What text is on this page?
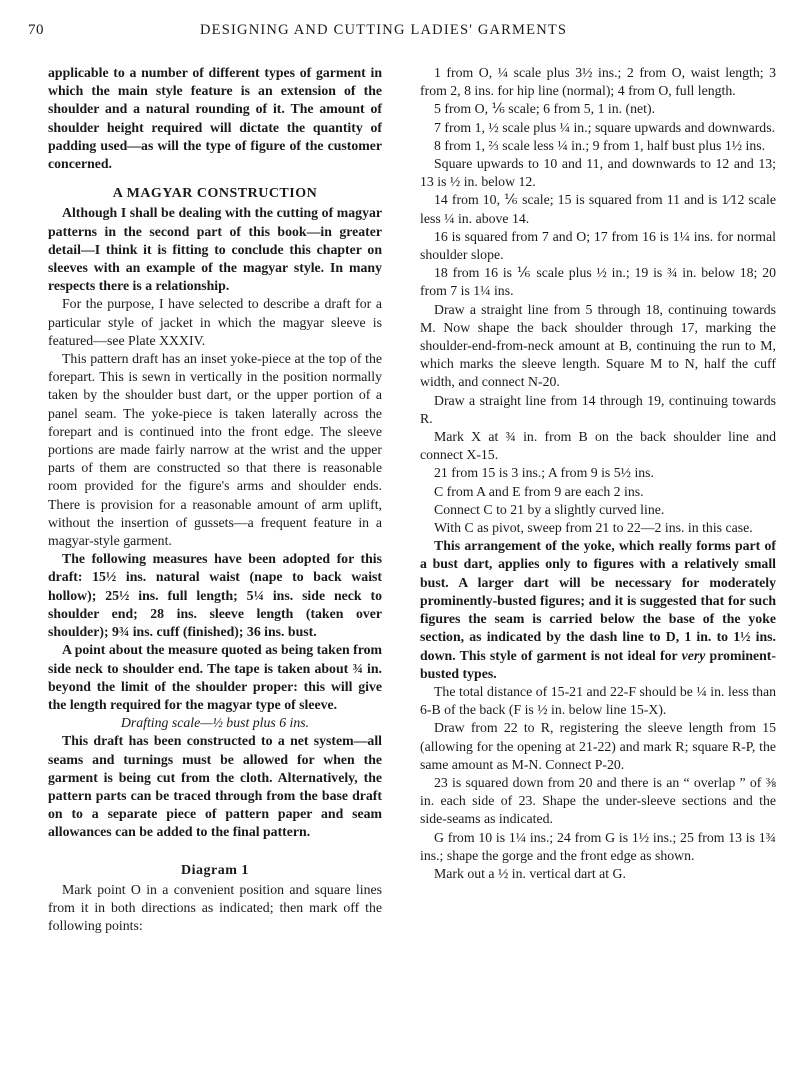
70	DESIGNING AND CUTTING LADIES' GARMENTS

applicable to a number of different types of garment in which the main style feature is an extension of the shoulder and a natural rounding of it. The amount of shoulder height required will dictate the quantity of padding used—as will the type of figure of the customer concerned.

A MAGYAR CONSTRUCTION

Although I shall be dealing with the cutting of magyar patterns in the second part of this book—in greater detail—I think it is fitting to conclude this chapter on sleeves with an example of the magyar style. In many respects there is a relationship.

For the purpose, I have selected to describe a draft for a particular style of jacket in which the magyar sleeve is featured—see Plate XXXIV.

This pattern draft has an inset yoke-piece at the top of the forepart. This is sewn in vertically in the position normally taken by the shoulder bust dart, or the upper portion of a panel seam. The yoke-piece is taken laterally across the forepart and is continued into the front edge. The sleeve portions are made fairly narrow at the wrist and the upper parts of them are constructed so that there is reasonable room provided for the figure's arms and shoulder ends. There is provision for a reasonable amount of arm uplift, without the insertion of gussets—a frequent feature in a magyar-style garment.

The following measures have been adopted for this draft: 15½ ins. natural waist (nape to back waist hollow); 25½ ins. full length; 5¼ ins. side neck to shoulder end; 28 ins. sleeve length (taken over shoulder); 9¾ ins. cuff (finished); 36 ins. bust.

A point about the measure quoted as being taken from side neck to shoulder end. The tape is taken about ¾ in. beyond the limit of the shoulder proper: this will give the length required for the magyar type of sleeve.

Drafting scale—½ bust plus 6 ins.

This draft has been constructed to a net system—all seams and turnings must be allowed for when the garment is being cut from the cloth. Alternatively, the pattern parts can be traced through from the base draft on to a separate piece of pattern paper and seam allowances can be added to the final pattern.

Diagram 1

Mark point O in a convenient position and square lines from it in both directions as indicated; then mark off the following points:

1 from O, ¼ scale plus 3½ ins.; 2 from O, waist length; 3 from 2, 8 ins. for hip line (normal); 4 from O, full length.

5 from O, ⅙ scale; 6 from 5, 1 in. (net).

7 from 1, ½ scale plus ¼ in.; square upwards and downwards.

8 from 1, ⅔ scale less ¼ in.; 9 from 1, half bust plus 1½ ins.

Square upwards to 10 and 11, and downwards to 12 and 13; 13 is ½ in. below 12.

14 from 10, ⅙ scale; 15 is squared from 11 and is 1⁄12 scale less ¼ in. above 14.

16 is squared from 7 and O; 17 from 16 is 1¼ ins. for normal shoulder slope.

18 from 16 is ⅙ scale plus ½ in.; 19 is ¾ in. below 18; 20 from 7 is 1¼ ins.

Draw a straight line from 5 through 18, continuing towards M. Now shape the back shoulder through 17, marking the shoulder-end-from-neck amount at B, continuing the run to M, which marks the sleeve length. Square M to N, half the cuff width, and connect N-20.

Draw a straight line from 14 through 19, continuing towards R.

Mark X at ¾ in. from B on the back shoulder line and connect X-15.

21 from 15 is 3 ins.; A from 9 is 5½ ins.

C from A and E from 9 are each 2 ins.

Connect C to 21 by a slightly curved line.

With C as pivot, sweep from 21 to 22—2 ins. in this case.

This arrangement of the yoke, which really forms part of a bust dart, applies only to figures with a relatively small bust. A larger dart will be necessary for moderately prominently-busted figures; and it is suggested that for such figures the seam is carried below the base of the yoke section, as indicated by the dash line to D, 1 in. to 1½ ins. down. This style of garment is not ideal for very prominent-busted types.

The total distance of 15-21 and 22-F should be ¼ in. less than 6-B of the back (F is ½ in. below line 15-X).

Draw from 22 to R, registering the sleeve length from 15 (allowing for the opening at 21-22) and mark R; square R-P, the same amount as M-N. Connect P-20.

23 is squared down from 20 and there is an “ overlap ” of ⅜ in. each side of 23. Shape the under-sleeve sections and the side-seams as indicated.

G from 10 is 1¼ ins.; 24 from G is 1½ ins.; 25 from 13 is 1¾ ins.; shape the gorge and the front edge as shown.

Mark out a ½ in. vertical dart at G.
